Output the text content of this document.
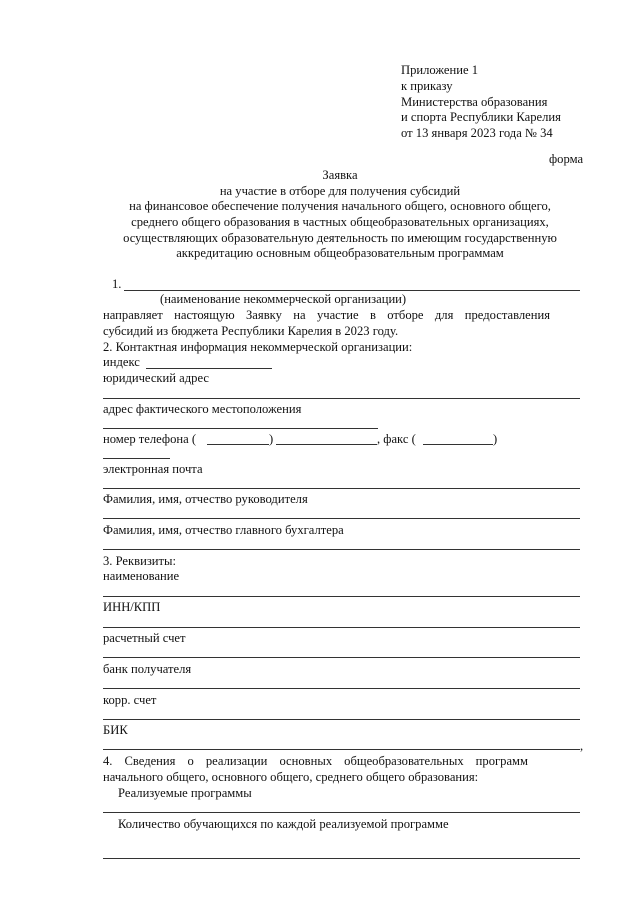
Приложение 1
к приказу
Министерства образования
и спорта Республики Карелия
от 13 января 2023 года № 34
форма
Заявка
на участие в отборе для получения субсидий
на финансовое обеспечение получения начального общего, основного общего,
среднего общего образования в частных общеобразовательных организациях,
осуществляющих образовательную деятельность по имеющим государственную
аккредитацию основным общеобразовательным программам
1.
(наименование некоммерческой организации)
направляет настоящую Заявку на участие в отборе для предоставления
субсидий из бюджета Республики Карелия в 2023 году.
2. Контактная информация некоммерческой организации:
индекс
юридический адрес
адрес фактического местоположения
номер телефона (	)	, факс (	)
электронная почта
Фамилия, имя, отчество руководителя
Фамилия, имя, отчество главного бухгалтера
3. Реквизиты:
наименование
ИНН/КПП
расчетный счет
банк получателя
корр. счет
БИК
,
4. Сведения о реализации основных общеобразовательных программ
начального общего, основного общего, среднего общего образования:
Реализуемые программы
Количество обучающихся по каждой реализуемой программе
